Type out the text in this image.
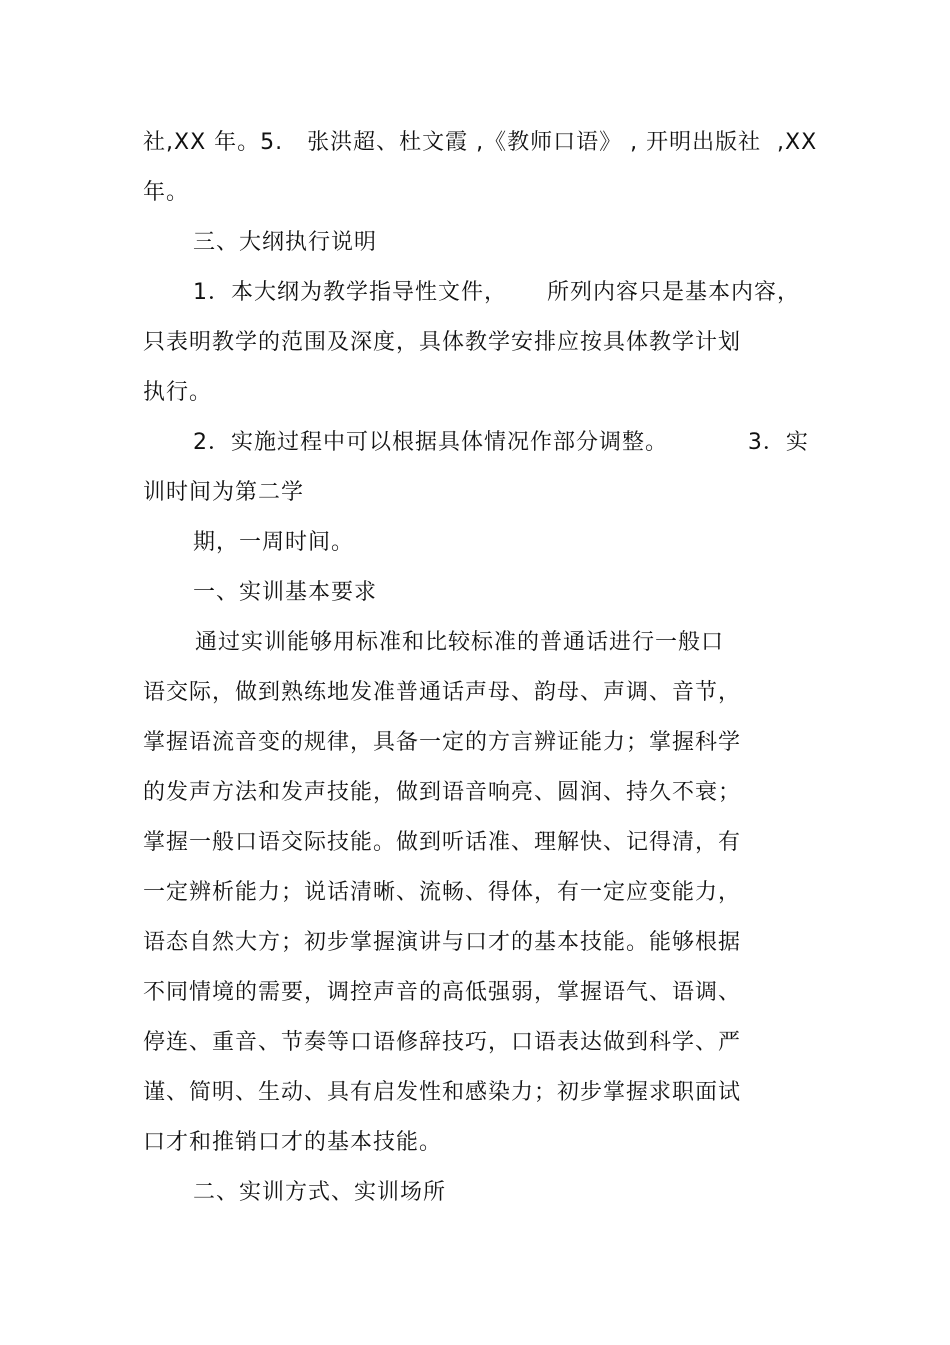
社,XX 年。5.   张洪超、杜文霞 ,《教师口语》 , 开明出版社  ,XX
年。
三、大纲执行说明
1．本大纲为教学指导性文件，     所列内容只是基本内容，
只表明教学的范围及深度，具体教学安排应按具体教学计划
执行。
2．实施过程中可以根据具体情况作部分调整。          3．实
训时间为第二学
期，一周时间。
一、实训基本要求
通过实训能够用标准和比较标准的普通话进行一般口
语交际，做到熟练地发准普通话声母、韵母、声调、音节，
掌握语流音变的规律，具备一定的方言辨证能力；掌握科学
的发声方法和发声技能，做到语音响亮、圆润、持久不衰；
掌握一般口语交际技能。做到听话准、理解快、记得清，有
一定辨析能力；说话清晰、流畅、得体，有一定应变能力，
语态自然大方；初步掌握演讲与口才的基本技能。能够根据
不同情境的需要，调控声音的高低强弱，掌握语气、语调、
停连、重音、节奏等口语修辞技巧，口语表达做到科学、严
谨、简明、生动、具有启发性和感染力；初步掌握求职面试
口才和推销口才的基本技能。
二、实训方式、实训场所
